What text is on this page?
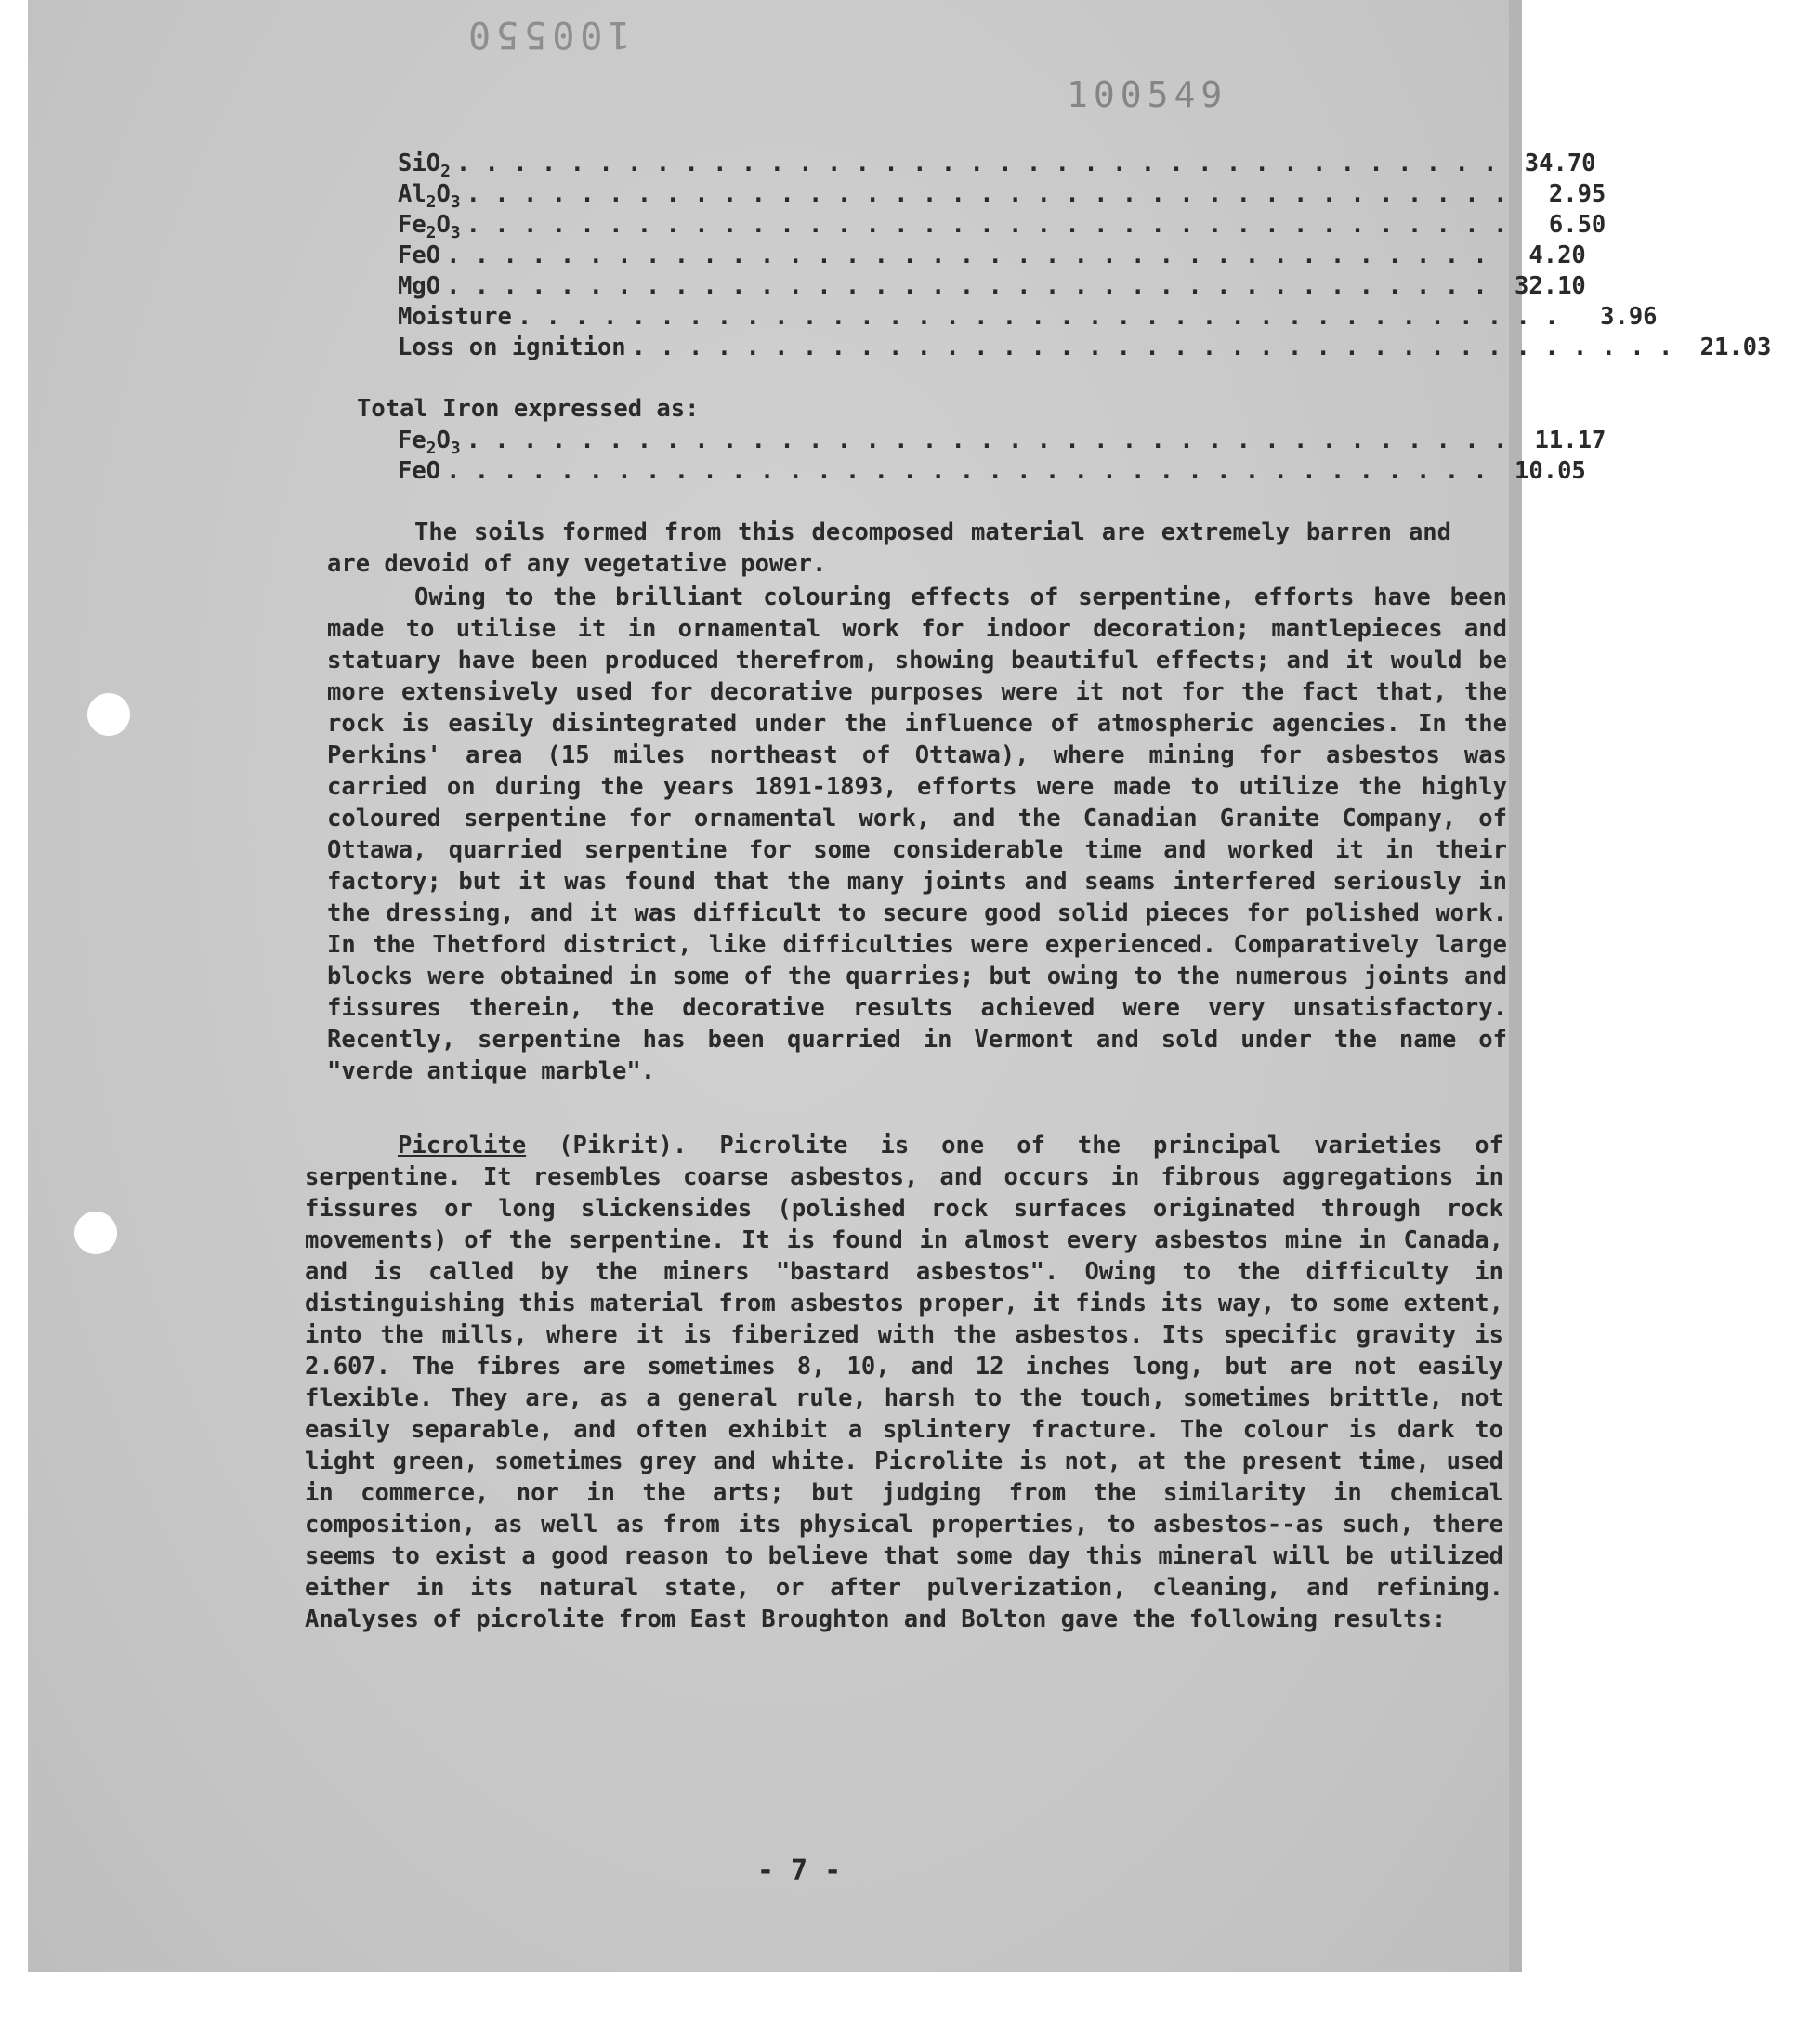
100550
100549
SiO$_2$ . . . . . . . . . . . . . . . . . . . . . . . . . . . . . . . . . . . . .	34.70
$Al_2O_3$ . . . . . . . . . . . . . . . . . . . . . . . . . . . . . . . . . . . . .	2.95
$Fe_2O_3$ . . . . . . . . . . . . . . . . . . . . . . . . . . . . . . . . . . . . .	6.50
FeO . . . . . . . . . . . . . . . . . . . . . . . . . . . . . . . . . . . . .	4.20
MgO . . . . . . . . . . . . . . . . . . . . . . . . . . . . . . . . . . . . .	32.10
Moisture . . . . . . . . . . . . . . . . . . . . . . . . . . . . . . . . . . . . .	3.96
Loss on ignition . . . . . . . . . . . . . . . . . . . . . . . . . . . . . . . . . . . . .	21.03
Total Iron expressed as:
$Fe_2O_3$ . . . . . . . . . . . . . . . . . . . . . . . . . . . . . . . . . . . . .	11.17
FeO . . . . . . . . . . . . . . . . . . . . . . . . . . . . . . . . . . . . .	10.05

The soils formed from this decomposed material are extremely barren and are devoid of any vegetative power.

Owing to the brilliant colouring effects of serpentine, efforts have been made to utilise it in ornamental work for indoor decoration; mantlepieces and statuary have been produced therefrom, showing beautiful effects; and it would be more extensively used for decorative purposes were it not for the fact that, the rock is easily disintegrated under the influence of atmospheric agencies. In the Perkins' area (15 miles northeast of Ottawa), where mining for asbestos was carried on during the years 1891-1893, efforts were made to utilize the highly coloured serpentine for ornamental work, and the Canadian Granite Company, of Ottawa, quarried serpentine for some considerable time and worked it in their factory; but it was found that the many joints and seams interfered seriously in the dressing, and it was difficult to secure good solid pieces for polished work. In the Thetford district, like difficulties were experienced. Comparatively large blocks were obtained in some of the quarries; but owing to the numerous joints and fissures therein, the decorative results achieved were very unsatisfactory. Recently, serpentine has been quarried in Vermont and sold under the name of "verde antique marble".

Picrolite (Pikrit). Picrolite is one of the principal varieties of serpentine. It resembles coarse asbestos, and occurs in fibrous aggregations in fissures or long slickensides (polished rock surfaces originated through rock movements) of the serpentine. It is found in almost every asbestos mine in Canada, and is called by the miners "bastard asbestos". Owing to the difficulty in distinguishing this material from asbestos proper, it finds its way, to some extent, into the mills, where it is fiberized with the asbestos. Its specific gravity is 2.607. The fibres are sometimes 8, 10, and 12 inches long, but are not easily flexible. They are, as a general rule, harsh to the touch, sometimes brittle, not easily separable, and often exhibit a splintery fracture. The colour is dark to light green, sometimes grey and white. Picrolite is not, at the present time, used in commerce, nor in the arts; but judging from the similarity in chemical composition, as well as from its physical properties, to asbestos--as such, there seems to exist a good reason to believe that some day this mineral will be utilized either in its natural state, or after pulverization, cleaning, and refining. Analyses of picrolite from East Broughton and Bolton gave the following results:

- 7 -
